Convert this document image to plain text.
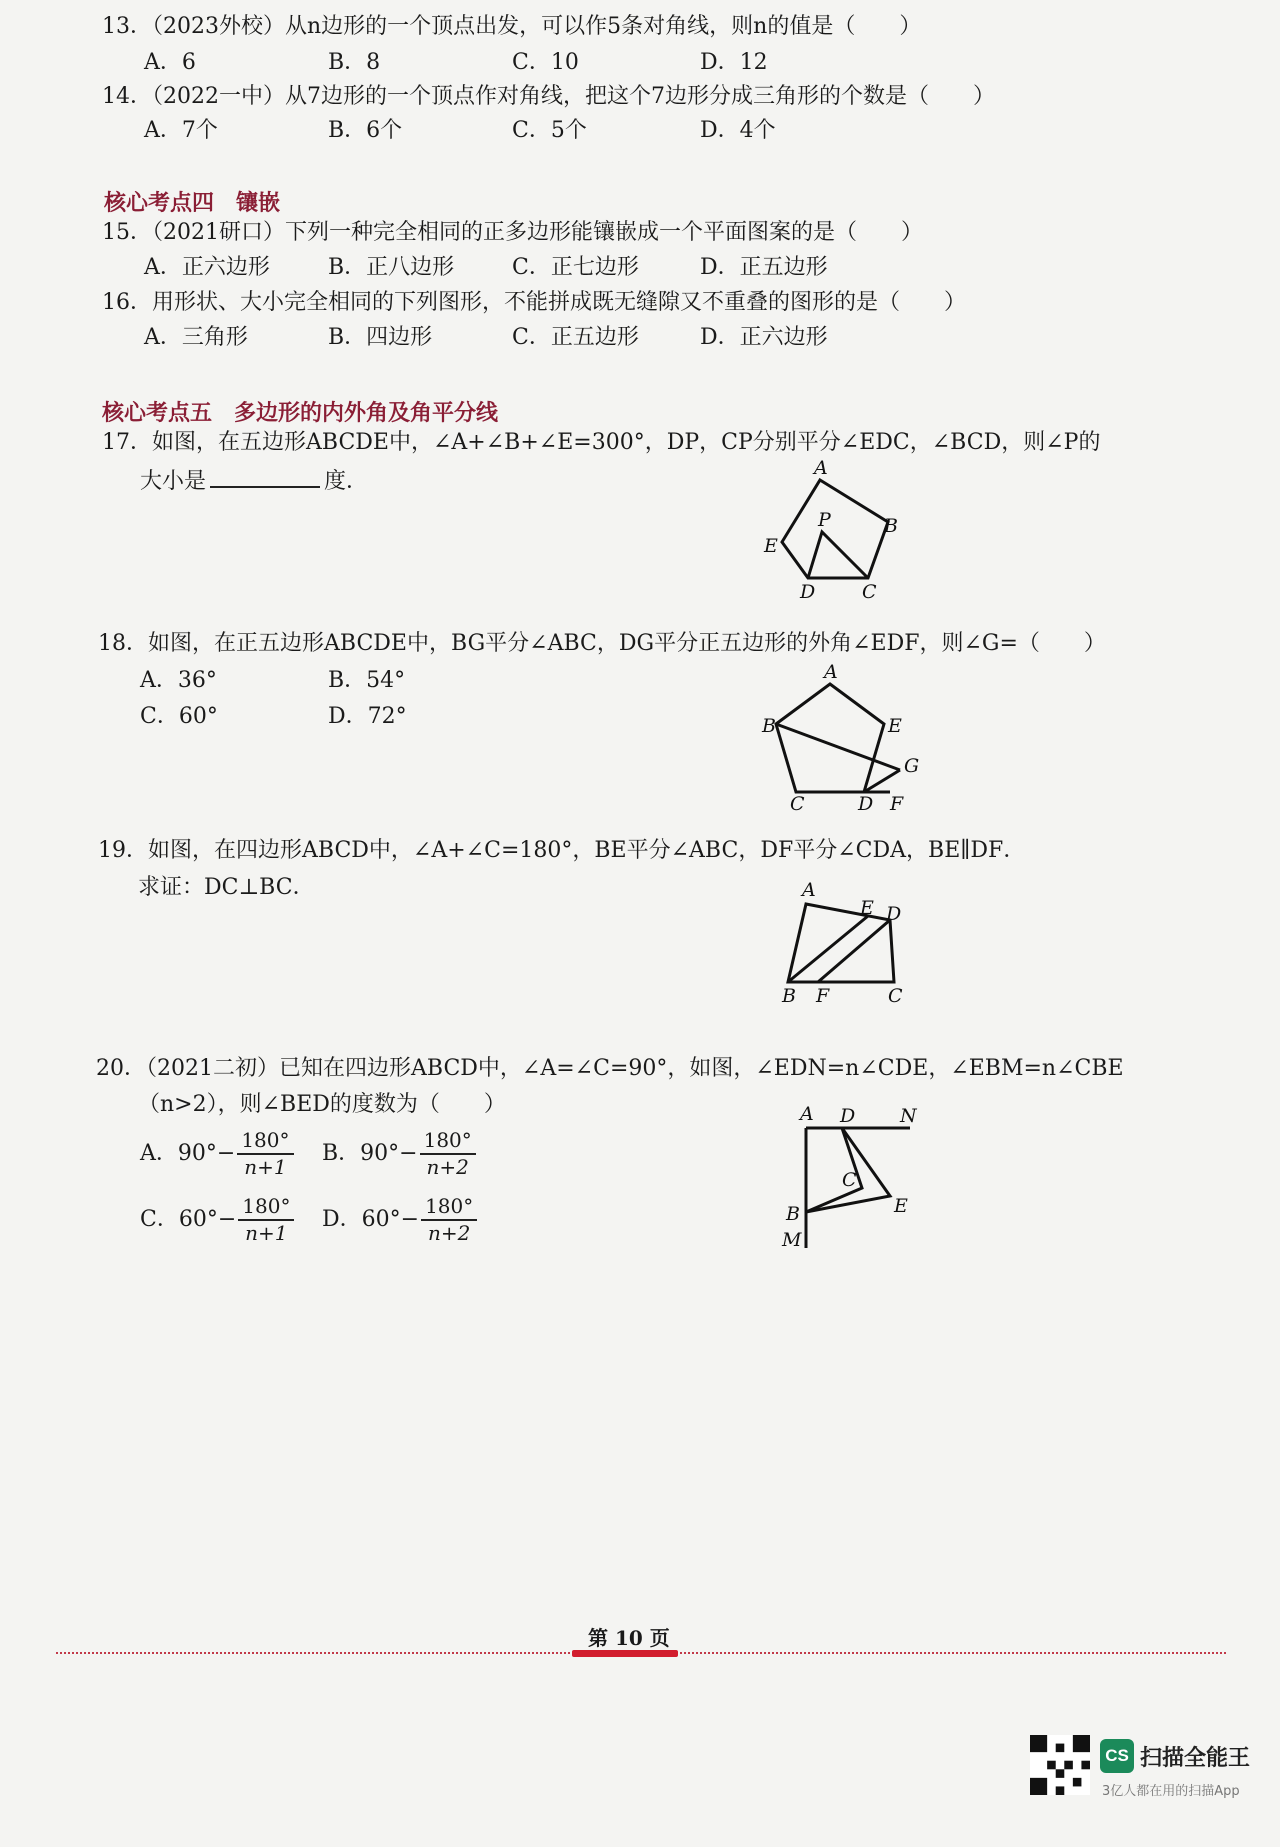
13．（2023外校）从n边形的一个顶点出发，可以作5条对角线，则n的值是（　　）
A．6	B．8	C．10	D．12
14．（2022一中）从7边形的一个顶点作对角线，把这个7边形分成三角形的个数是（　　）
A．7个	B．6个	C．5个	D．4个
核心考点四　镶嵌
15．（2021研口）下列一种完全相同的正多边形能镶嵌成一个平面图案的是（　　）
A．正六边形	B．正八边形	C．正七边形	D．正五边形
16．用形状、大小完全相同的下列图形，不能拼成既无缝隙又不重叠的图形的是（　　）
A．三角形	B．四边形	C．正五边形	D．正六边形
核心考点五　多边形的内外角及角平分线
17．如图，在五边形ABCDE中，∠A+∠B+∠E=300°，DP，CP分别平分∠EDC，∠BCD，则∠P的
大小是	度．
A
B
C
D
E
P
18．如图，在正五边形ABCDE中，BG平分∠ABC，DG平分正五边形的外角∠EDF，则∠G=（　　）
A．36°	B．54°
C．60°	D．72°
A
B
C	D
E
F
G
19．如图，在四边形ABCD中，∠A+∠C=180°，BE平分∠ABC，DF平分∠CDA，BE∥DF．
求证：DC⊥BC．	A
B	C
D
E
F
20．（2021二初）已知在四边形ABCD中，∠A=∠C=90°，如图，∠EDN=n∠CDE，∠EBM=n∠CBE
（n>2），则∠BED的度数为（　　）
A．$90^\circ- \frac{180^\circ}{n+1}$ B．$90^\circ- \frac{180^\circ}{n+2}$
C．$60^\circ- \frac{180^\circ}{n+1}$ D．$60^\circ- \frac{180^\circ}{n+2}$
A D N
C
E
B
M
第 10 页
CS 扫描全能王
3亿人都在用的扫描App
